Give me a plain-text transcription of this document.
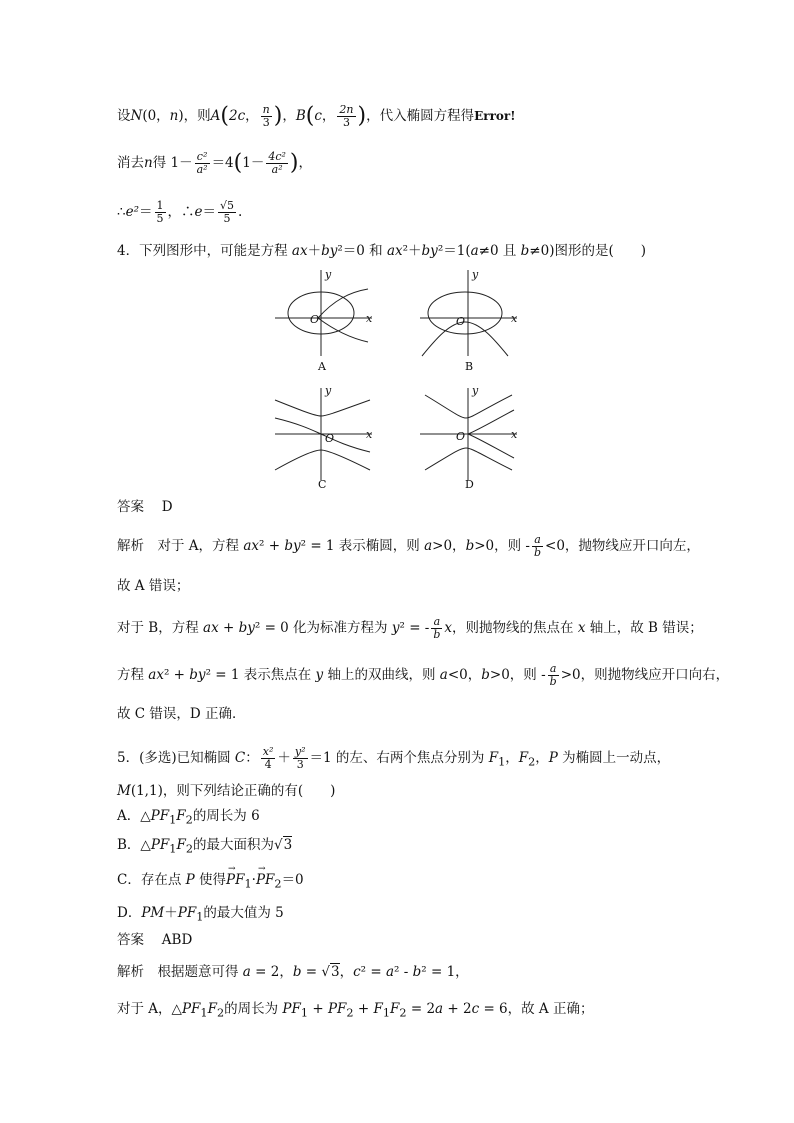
设N(0，n)，则A(2c， $\frac{n}{3}$ )，B(c， $\frac{2n}{3}$ )，代入椭圆方程得Error!
消去n得 $1- \frac{\text{c²}}{\text{a²}} =4(1- \frac{\text{4c²}}{\text{a²}}$ )，
∴e²＝ $\frac{1}{5}$ ，∴e＝ $\frac{√5}{5}$ .
4．下列图形中，可能是方程 ax＋by²＝0 和 ax²＋by²＝1(a≠0 且 b≠0)图形的是(　　)
x
y
O	x
y
O
x
y
O	x
y
O
A	B
C	D
答案　 D
解析　对于 A，方程 ax² + by² = 1 表示椭圆，则 a>0，b>0，则 - $\frac{a}{b} <0$，抛物线应开口向左，
故 A 错误；
对于 B，方程 ax + by² = 0 化为标准方程为 y² = - $\frac{a}{b}$ x，则抛物线的焦点在 x 轴上，故 B 错误；
方程 ax² + by² = 1 表示焦点在 y 轴上的双曲线，则 a<0，b>0，则 - $\frac{a}{b} >0$，则抛物线应开口向右，
故 C 错误，D 正确．
5．(多选)已知椭圆 C： $\frac{\text{x²}}{4} + \frac{\text{y²}}{3} =1$ 的左、右两个焦点分别为 $F_1$，$F_2$，P 为椭圆上一动点，
M(1,1)，则下列结论正确的有(　　)
A．$\triangle PF_1F_2$的周长为 6
B．$\triangle PF_1F_2$的最大面积为√3
C．存在点 P 使得→ $PF_1\cdot\to PF_2=0$
D．$PM+PF_1$的最大值为 5
答案　 ABD
解析　根据题意可得 a = 2，b = √3，c² = a² - b² = 1，
对于 A，$\triangle PF_1F_2$的周长为 $PF_1 + PF_2 + F_1F_2 = 2a + 2c = 6$，故 A 正确；
